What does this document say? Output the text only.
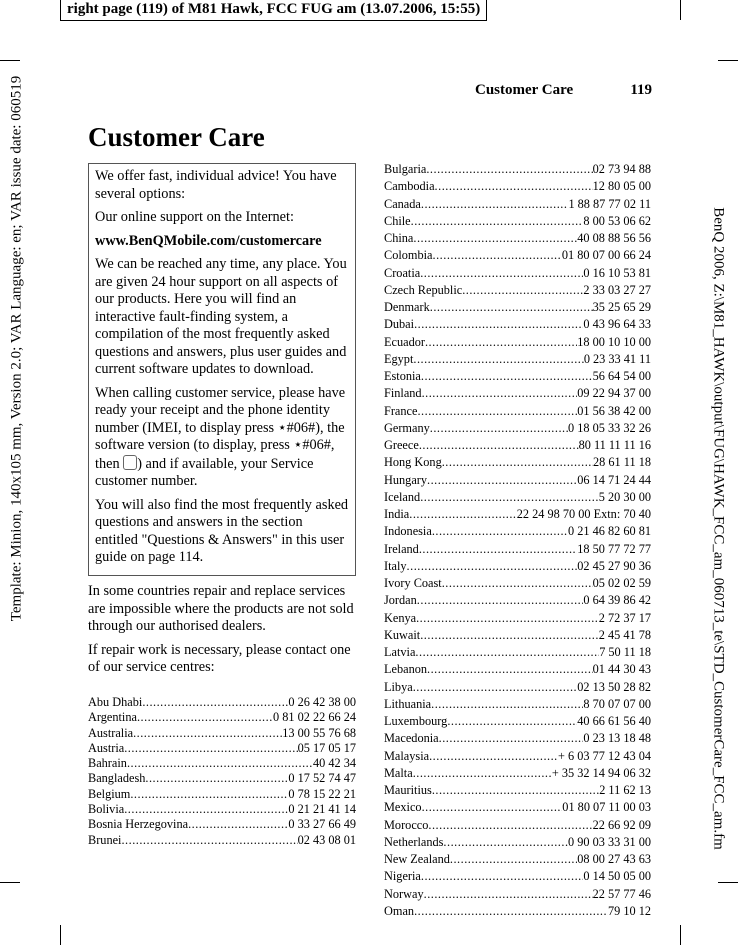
right page (119) of M81 Hawk, FCC FUG am (13.07.2006, 15:55)
Template: Minion, 140x105 mm, Version 2.0; VAR Language: en; VAR issue date: 060519	BenQ 2006, Z:\M81_HAWK\output\FUG\HAWK_FCC_am_060713_te\STD_CustomerCare_FCC_am.fm
Customer Care	119
Customer Care

We offer fast, individual advice! You have several options:

Our online support on the Internet:

www.BenQMobile.com/customercare

We can be reached any time, any place. You are given 24 hour support on all aspects of our products. Here you will find an interactive fault-finding system, a compilation of the most frequently asked questions and answers, plus user guides and current software updates to download.

When calling customer service, please have ready your receipt and the phone identity number (IMEI, to display press ⋆#06#), the software version (to display, press ⋆#06#, then ) and if available, your Service customer number.

You will also find the most frequently asked questions and answers in the section entitled "Questions & Answers" in this user guide on page 114.

In some countries repair and replace services are impossible where the products are not sold through our authorised dealers.

If repair work is necessary, please contact one of our service centres:

Abu Dhabi
.....	0 26 42 38 00
Argentina
.....	0 81 02 22 66 24
Australia
.....	13 00 55 76 68
Austria
.....	05 17 05 17
Bahrain
.....	40 42 34
Bangladesh
.....	0 17 52 74 47
Belgium
.....	0 78 15 22 21
Bolivia
.....	0 21 21 41 14
Bosnia Herzegovina
.....	0 33 27 66 49
Brunei
.....	02 43 08 01
Bulgaria
.....	02 73 94 88
Cambodia
.....	12 80 05 00
Canada
.....	1 88 87 77 02 11
Chile
.....	8 00 53 06 62
China
.....	40 08 88 56 56
Colombia
.....	01 80 07 00 66 24
Croatia
.....	0 16 10 53 81
Czech Republic
.....	2 33 03 27 27
Denmark
.....	35 25 65 29
Dubai
.....	0 43 96 64 33
Ecuador
.....	18 00 10 10 00
Egypt
.....	0 23 33 41 11
Estonia
.....	56 64 54 00
Finland
.....	09 22 94 37 00
France
.....	01 56 38 42 00
Germany
.....	0 18 05 33 32 26
Greece
.....	80 11 11 11 16
Hong Kong
.....	28 61 11 18
Hungary
.....	06 14 71 24 44
Iceland
.....	5 20 30 00
India
.....	22 24 98 70 00 Extn: 70 40
Indonesia
.....	0 21 46 82 60 81
Ireland
.....	18 50 77 72 77
Italy
.....	02 45 27 90 36
Ivory Coast
.....	05 02 02 59
Jordan
.....	0 64 39 86 42
Kenya
.....	2 72 37 17
Kuwait
.....	2 45 41 78
Latvia
.....	7 50 11 18
Lebanon
.....	01 44 30 43
Libya
.....	02 13 50 28 82
Lithuania
.....	8 70 07 07 00
Luxembourg
.....	40 66 61 56 40
Macedonia
.....	0 23 13 18 48
Malaysia
.....	+ 6 03 77 12 43 04
Malta
.....	+ 35 32 14 94 06 32
Mauritius
.....	2 11 62 13
Mexico
.....	01 80 07 11 00 03
Morocco
.....	22 66 92 09
Netherlands
.....	0 90 03 33 31 00
New Zealand
.....	08 00 27 43 63
Nigeria
.....	0 14 50 05 00
Norway
.....	22 57 77 46
Oman
.....	79 10 12
